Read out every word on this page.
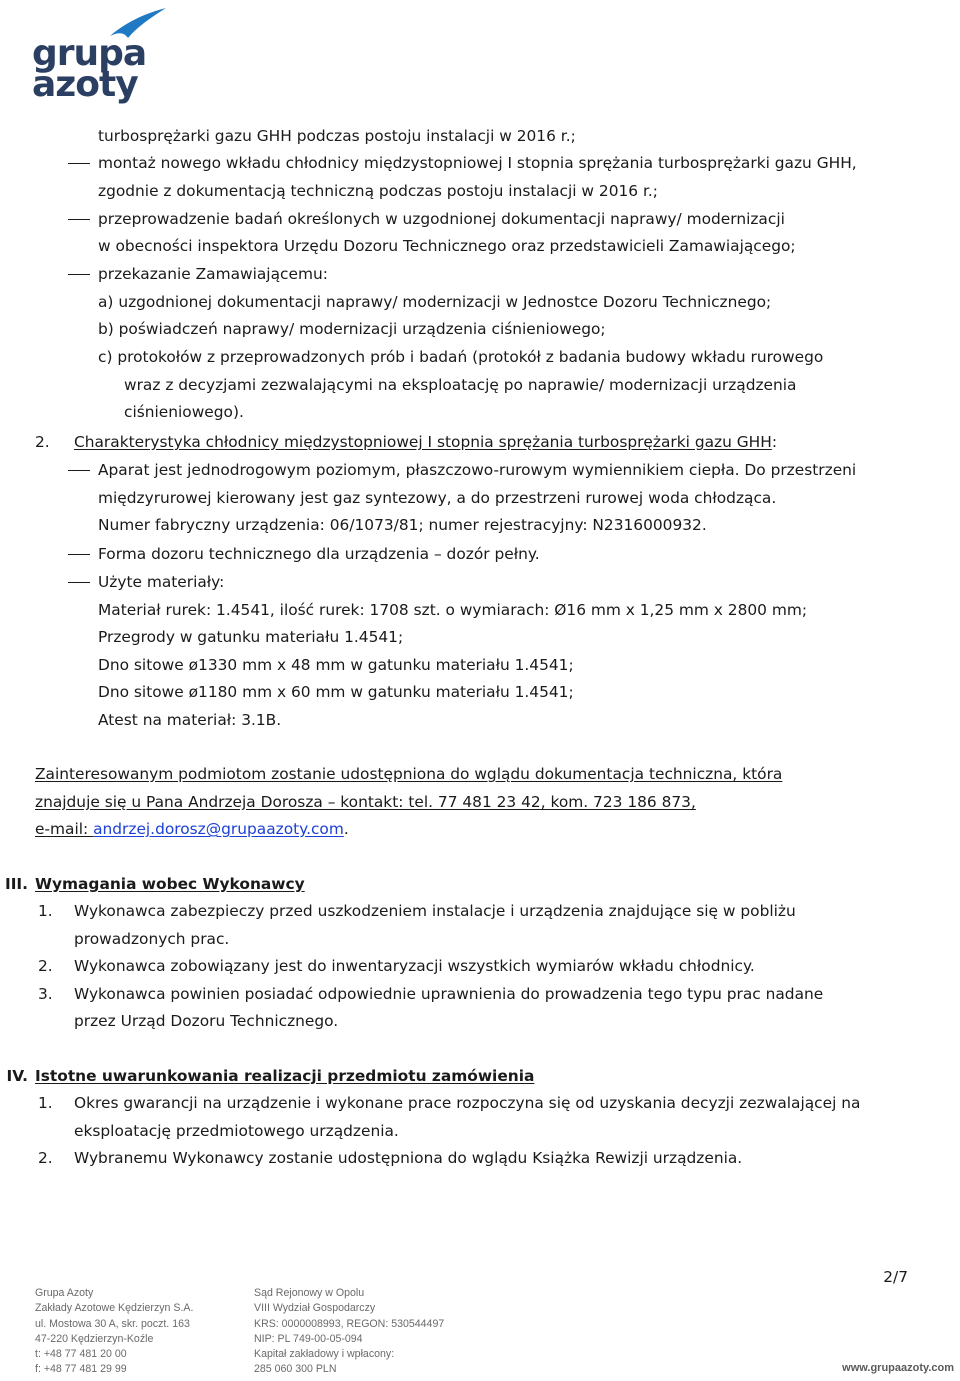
grupa
azoty
turbosprężarki gazu GHH podczas postoju instalacji w 2016 r.;
montaż nowego wkładu chłodnicy międzystopniowej I stopnia sprężania turbosprężarki gazu GHH,
zgodnie z dokumentacją techniczną podczas postoju instalacji w 2016 r.;
przeprowadzenie badań określonych w uzgodnionej dokumentacji naprawy/ modernizacji
w obecności inspektora Urzędu Dozoru Technicznego oraz przedstawicieli Zamawiającego;
przekazanie Zamawiającemu:
a) uzgodnionej dokumentacji naprawy/ modernizacji w Jednostce Dozoru Technicznego;
b) poświadczeń naprawy/ modernizacji urządzenia ciśnieniowego;
c) protokołów z przeprowadzonych prób i badań (protokół z badania budowy wkładu rurowego
wraz z decyzjami zezwalającymi na eksploatację po naprawie/ modernizacji urządzenia
ciśnieniowego).
2. Charakterystyka chłodnicy międzystopniowej I stopnia sprężania turbosprężarki gazu GHH:
Aparat jest jednodrogowym poziomym, płaszczowo-rurowym wymiennikiem ciepła. Do przestrzeni
międzyrurowej kierowany jest gaz syntezowy, a do przestrzeni rurowej woda chłodząca.
Numer fabryczny urządzenia: 06/1073/81; numer rejestracyjny: N2316000932.
Forma dozoru technicznego dla urządzenia – dozór pełny.
Użyte materiały:
Materiał rurek: 1.4541, ilość rurek: 1708 szt. o wymiarach: Ø16 mm x 1,25 mm x 2800 mm;
Przegrody w gatunku materiału 1.4541;
Dno sitowe ø1330 mm x 48 mm w gatunku materiału 1.4541;
Dno sitowe ø1180 mm x 60 mm w gatunku materiału 1.4541;
Atest na materiał: 3.1B.
Zainteresowanym podmiotom zostanie udostępniona do wglądu dokumentacja techniczna, która
znajduje się u Pana Andrzeja Dorosza – kontakt: tel. 77 481 23 42, kom. 723 186 873,
e-mail: andrzej.dorosz@grupaazoty.com.
III. Wymagania wobec Wykonawcy
1. Wykonawca zabezpieczy przed uszkodzeniem instalacje i urządzenia znajdujące się w pobliżu
prowadzonych prac.
2. Wykonawca zobowiązany jest do inwentaryzacji wszystkich wymiarów wkładu chłodnicy.
3. Wykonawca powinien posiadać odpowiednie uprawnienia do prowadzenia tego typu prac nadane
przez Urząd Dozoru Technicznego.
IV. Istotne uwarunkowania realizacji przedmiotu zamówienia
1. Okres gwarancji na urządzenie i wykonane prace rozpoczyna się od uzyskania decyzji zezwalającej na
eksploatację przedmiotowego urządzenia.
2. Wybranemu Wykonawcy zostanie udostępniona do wglądu Książka Rewizji urządzenia.
2/7
Grupa Azoty
Zakłady Azotowe Kędzierzyn S.A.
ul. Mostowa 30 A, skr. poczt. 163
47-220 Kędzierzyn-Koźle
t: +48 77 481 20 00
f: +48 77 481 29 99
Sąd Rejonowy w Opolu
VIII Wydział Gospodarczy
KRS: 0000008993, REGON: 530544497
NIP: PL 749-00-05-094
Kapitał zakładowy i wpłacony:
285 060 300 PLN	www.grupaazoty.com
